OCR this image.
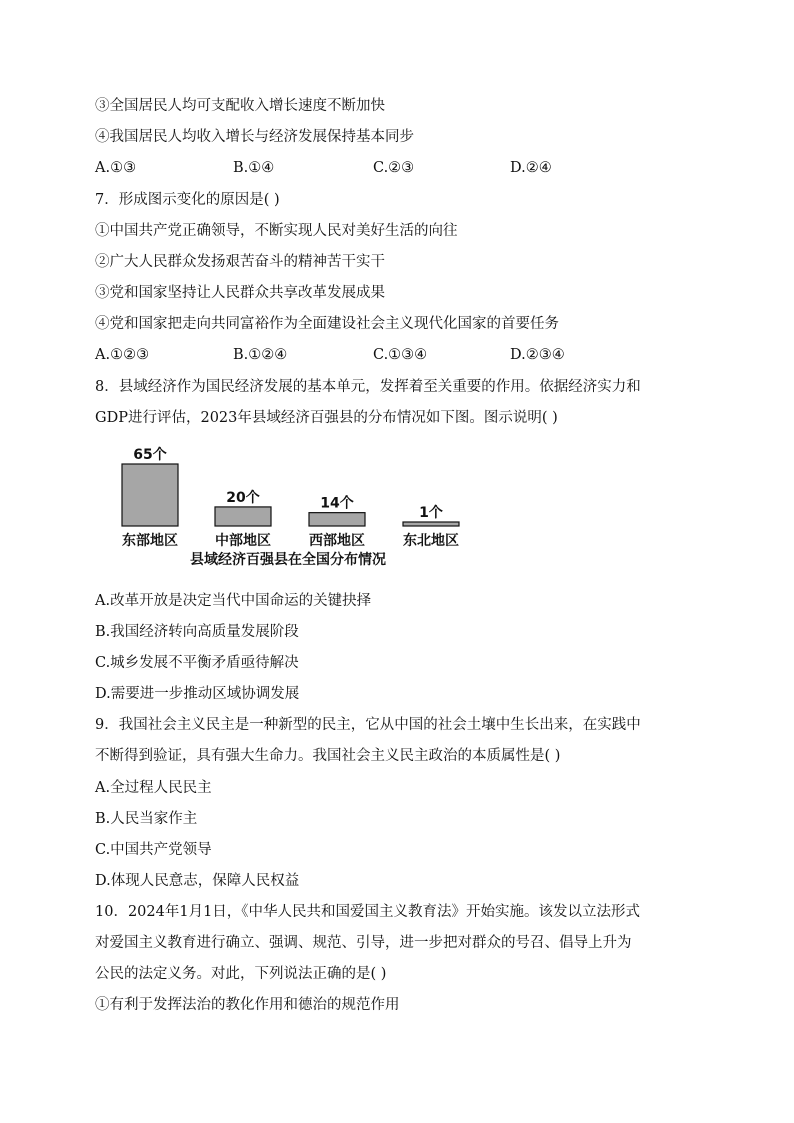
③全国居民人均可支配收入增长速度不断加快
④我国居民人均收入增长与经济发展保持基本同步
A.①③	B.①④	C.②③	D.②④
7．形成图示变化的原因是( )
①中国共产党正确领导，不断实现人民对美好生活的向往
②广大人民群众发扬艰苦奋斗的精神苦干实干
③党和国家坚持让人民群众共享改革发展成果
④党和国家把走向共同富裕作为全面建设社会主义现代化国家的首要任务
A.①②③	B.①②④	C.①③④	D.②③④
8．县域经济作为国民经济发展的基本单元，发挥着至关重要的作用。依据经济实力和
GDP进行评估，2023年县域经济百强县的分布情况如下图。图示说明( )
65个
20个	14个
1个
东部地区	中部地区	西部地区	东北地区
县域经济百强县在全国分布情况
A.改革开放是决定当代中国命运的关键抉择
B.我国经济转向高质量发展阶段
C.城乡发展不平衡矛盾亟待解决
D.需要进一步推动区域协调发展
9．我国社会主义民主是一种新型的民主，它从中国的社会土壤中生长出来，在实践中
不断得到验证，具有强大生命力。我国社会主义民主政治的本质属性是( )
A.全过程人民民主
B.人民当家作主
C.中国共产党领导
D.体现人民意志，保障人民权益
10．2024年1月1日，《中华人民共和国爱国主义教育法》开始实施。该发以立法形式
对爱国主义教育进行确立、强调、规范、引导，进一步把对群众的号召、倡导上升为
公民的法定义务。对此，下列说法正确的是( )
①有利于发挥法治的教化作用和德治的规范作用
